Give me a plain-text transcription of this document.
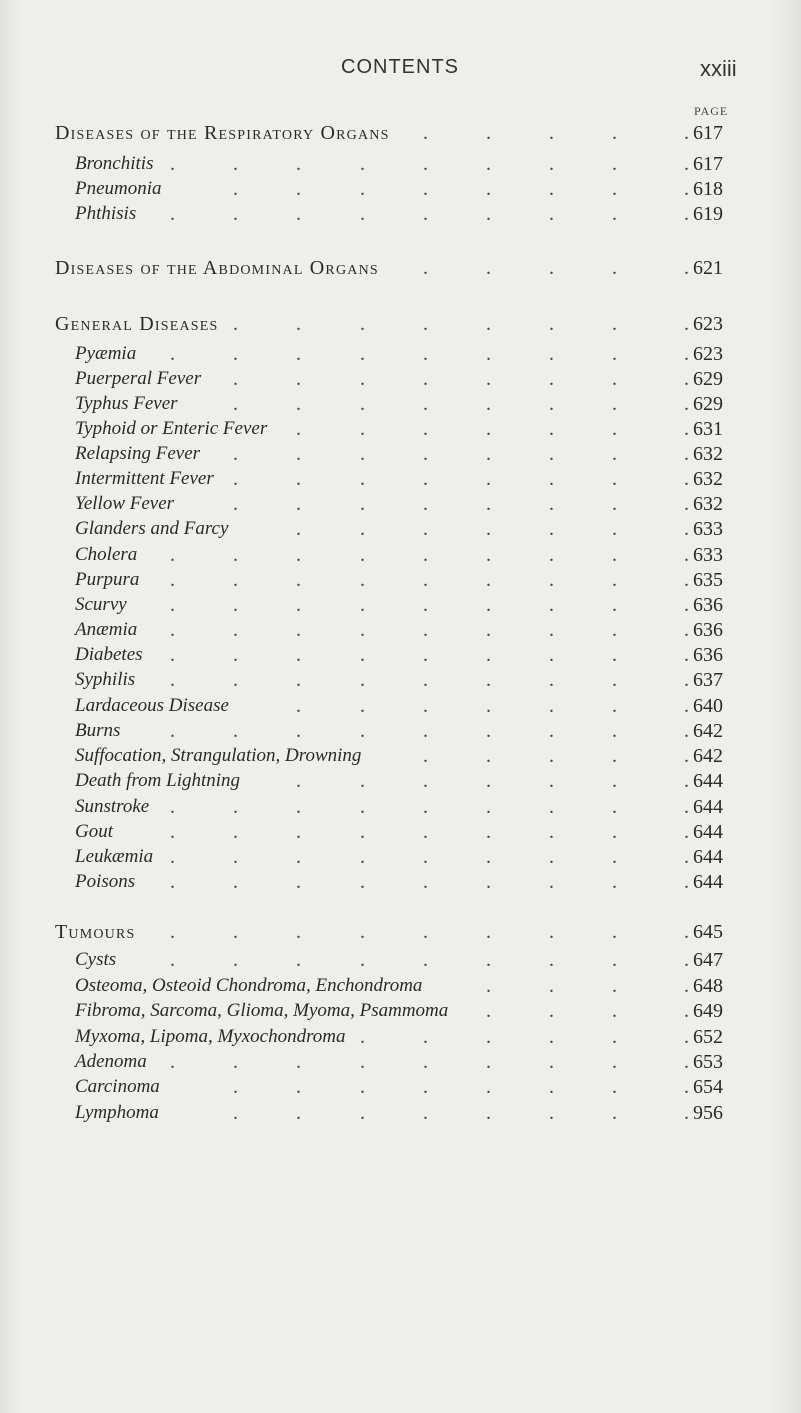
CONTENTS	xxiii
PAGE
Diseases of the Respiratory Organs	617
.	.	.	.	.
Bronchitis	617
.	.	.	.	.	.	.	.	.
Pneumonia	618
.	.	.	.	.	.	.	.
Phthisis	619
.	.	.	.	.	.	.	.	.
Diseases of the Abdominal Organs	621
.	.	.	.	.
General Diseases	623
.	.	.	.	.	.	.	.
Pyæmia	623
.	.	.	.	.	.	.	.	.
Puerperal Fever	629
.	.	.	.	.	.	.	.
Typhus Fever	629
.	.	.	.	.	.	.	.
Typhoid or Enteric Fever	631
.	.	.	.	.	.	.
Relapsing Fever	632
.	.	.	.	.	.	.	.
Intermittent Fever	632
.	.	.	.	.	.	.	.
Yellow Fever	632
.	.	.	.	.	.	.	.
Glanders and Farcy	633
.	.	.	.	.	.	.
Cholera	633
.	.	.	.	.	.	.	.	.
Purpura	635
.	.	.	.	.	.	.	.	.
Scurvy	636
.	.	.	.	.	.	.	.	.
Anæmia	636
.	.	.	.	.	.	.	.	.
Diabetes	636
.	.	.	.	.	.	.	.	.
Syphilis	637
.	.	.	.	.	.	.	.	.
Lardaceous Disease	640
.	.	.	.	.	.	.
Burns	642
.	.	.	.	.	.	.	.	.
Suffocation, Strangulation, Drowning	642
.	.	.	.	.
Death from Lightning	644
.	.	.	.	.	.	.
Sunstroke	644
.	.	.	.	.	.	.	.	.
Gout	644
.	.	.	.	.	.	.	.	.
Leukæmia	644
.	.	.	.	.	.	.	.	.
Poisons	644
.	.	.	.	.	.	.	.	.
Tumours	645
.	.	.	.	.	.	.	.	.
Cysts	647
.	.	.	.	.	.	.	.	.
Osteoma, Osteoid Chondroma, Enchondroma	648
.	.	.	.
Fibroma, Sarcoma, Glioma, Myoma, Psammoma	649
.	.	.	.
Myxoma, Lipoma, Myxochondroma	652
.	.	.	.	.	.
Adenoma	653
.	.	.	.	.	.	.	.	.
Carcinoma	654
.	.	.	.	.	.	.	.
Lymphoma	956
.	.	.	.	.	.	.	.
